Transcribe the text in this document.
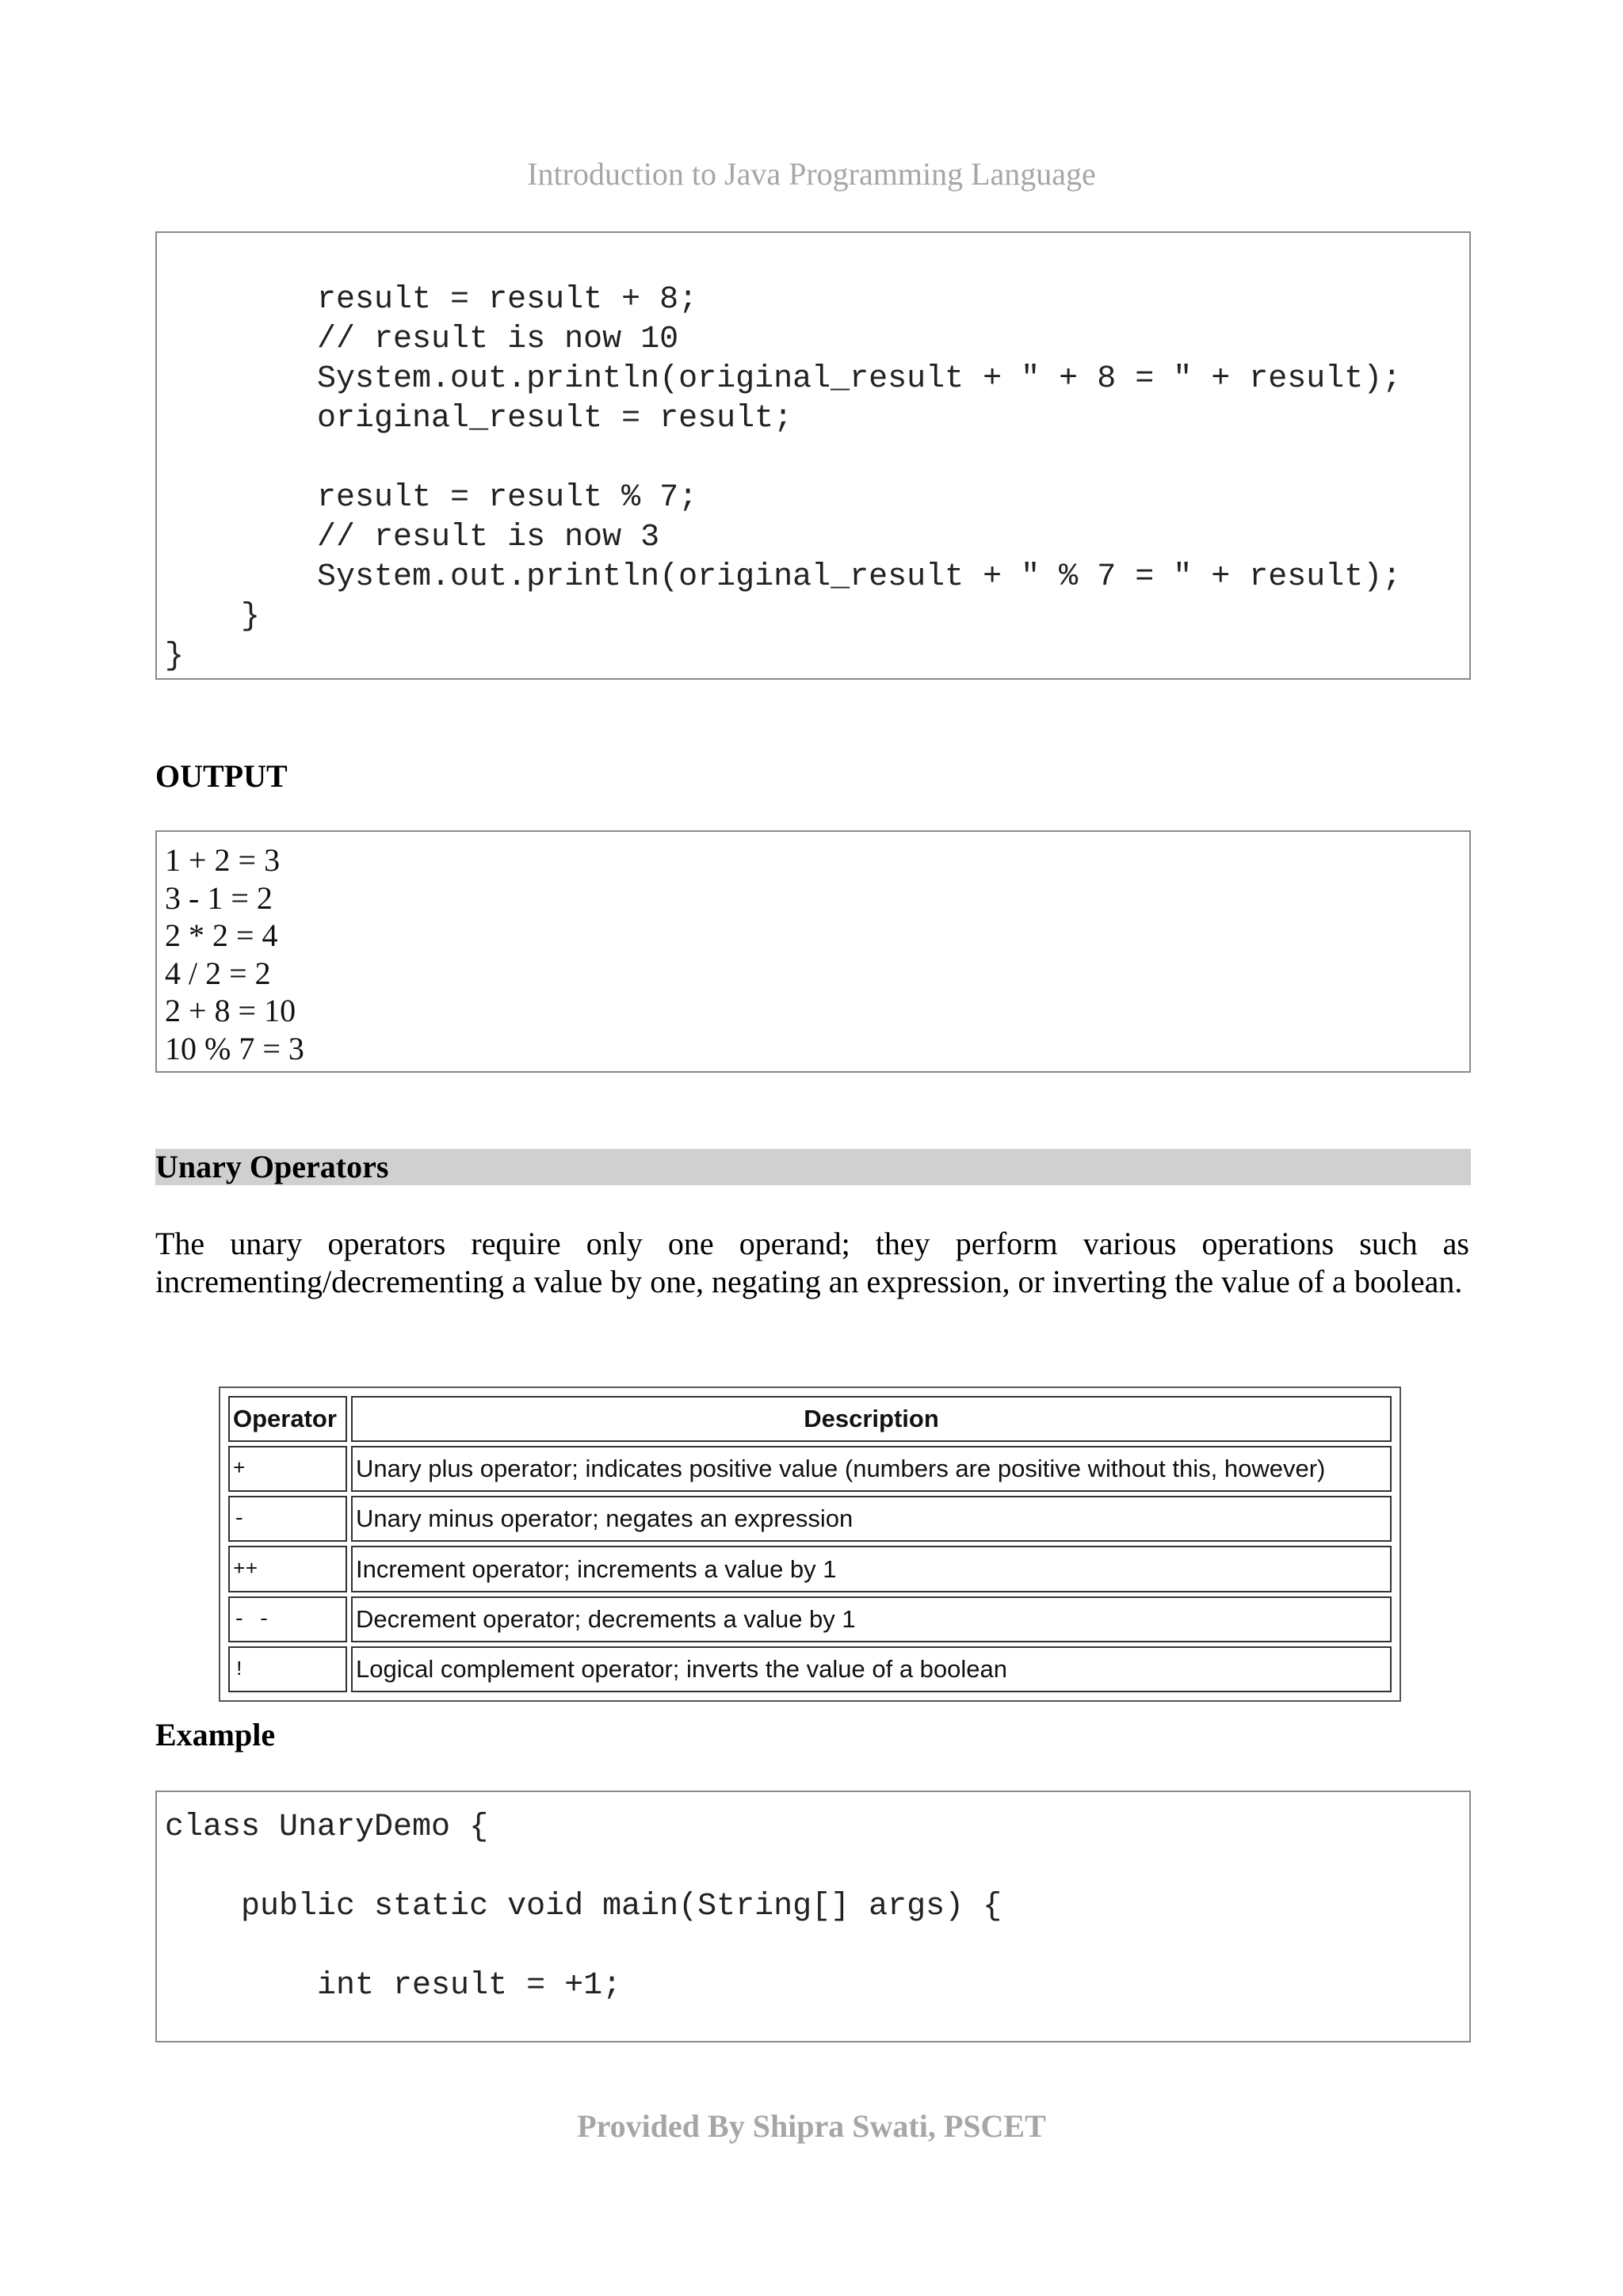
Introduction to Java Programming Language
result = result + 8;
// result is now 10
System.out.println(original_result + " + 8 = " + result);
original_result = result;

result = result % 7;
// result is now 3
System.out.println(original_result + " % 7 = " + result);
}
}
OUTPUT
1 + 2 = 3
3 - 1 = 2
2 * 2 = 4
4 / 2 = 2
2 + 8 = 10
10 % 7 = 3
Unary Operators
The unary operators require only one operand; they perform various operations such as incrementing/decrementing a value by one, negating an expression, or inverting the value of a boolean.
Operator	Description
+	Unary plus operator; indicates positive value (numbers are positive without this, however)
-	Unary minus operator; negates an expression
++	Increment operator; increments a value by 1
- -	Decrement operator; decrements a value by 1
!	Logical complement operator; inverts the value of a boolean
Example
class UnaryDemo {

public static void main(String[] args) {

int result = +1;
Provided By Shipra Swati, PSCET
